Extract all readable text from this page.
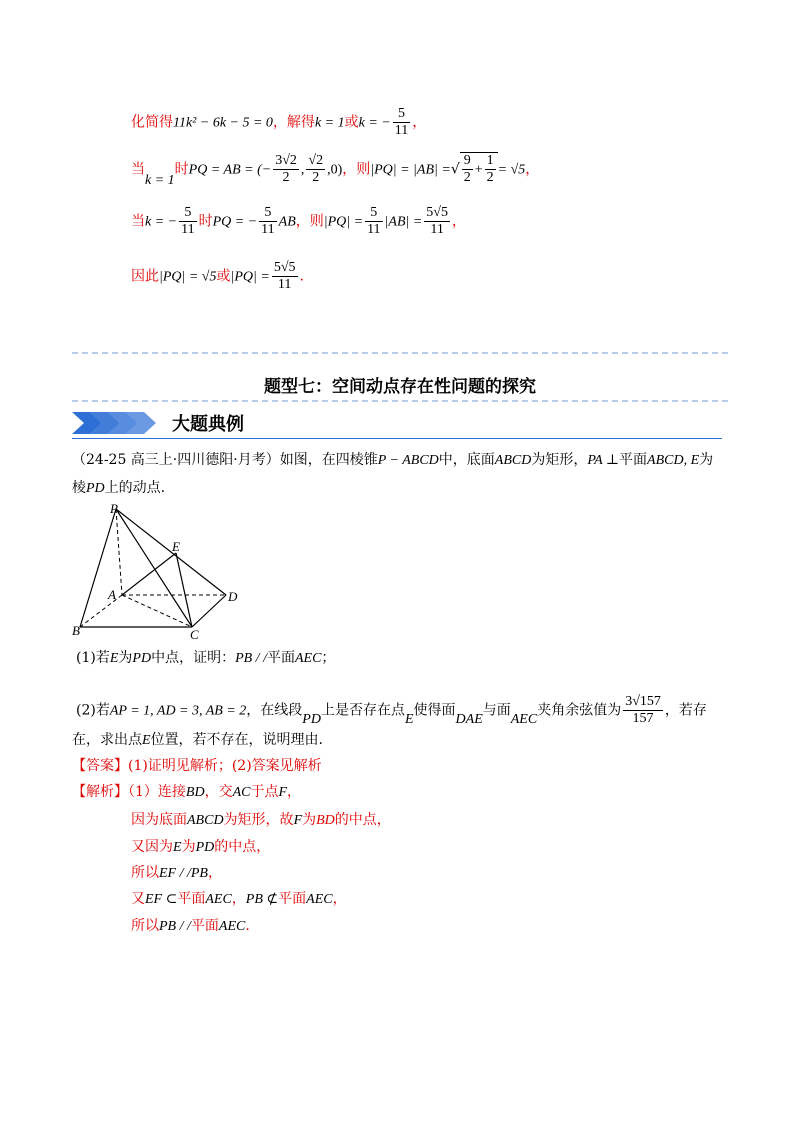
化简得11k² − 6k − 5 = 0，解得k = 1或k = − $\frac{5}{11}$ ，
当k = 1时PQ = AB = (− $\frac{3√2}{2}$ , $\frac{√2}{2} ,0$)，则|PQ| = |AB| =√ $\frac{9}{2} + \frac{1}{2} = √5$，
当k = − $\frac{5}{11}$ 时PQ = − $\frac{5}{11}$ AB，则$|PQ| = \frac{5}{11} |AB| = \frac{5√5}{11}$ ，
因此|PQ| = √5或$|PQ| = \frac{5√5}{11}$ .
题型七：空间动点存在性问题的探究
大题典例
（24-25 高三上·四川德阳·月考）如图，在四棱锥P − ABCD中，底面ABCD为矩形，PA ⊥平面ABCD, E为
棱PD上的动点.
P
E
A	D
B	C
(1)若E为PD中点，证明：PB / /平面AEC；
(2)若AP = 1, AD = 3, AB = 2，在线段PD上是否存在点E使得面DAE与面AEC夹角余弦值为 $\frac{3√157}{157}$ ，若存
在，求出点E位置，若不存在，说明理由.
【答案】(1)证明见解析；(2)答案见解析
【解析】（1）连接BD，交AC于点F，
因为底面ABCD为矩形，故F为BD的中点，
又因为E为PD的中点，
所以EF / /PB，
又EF ⊂平面AEC，PB ⊄平面AEC，
所以PB / /平面AEC.
